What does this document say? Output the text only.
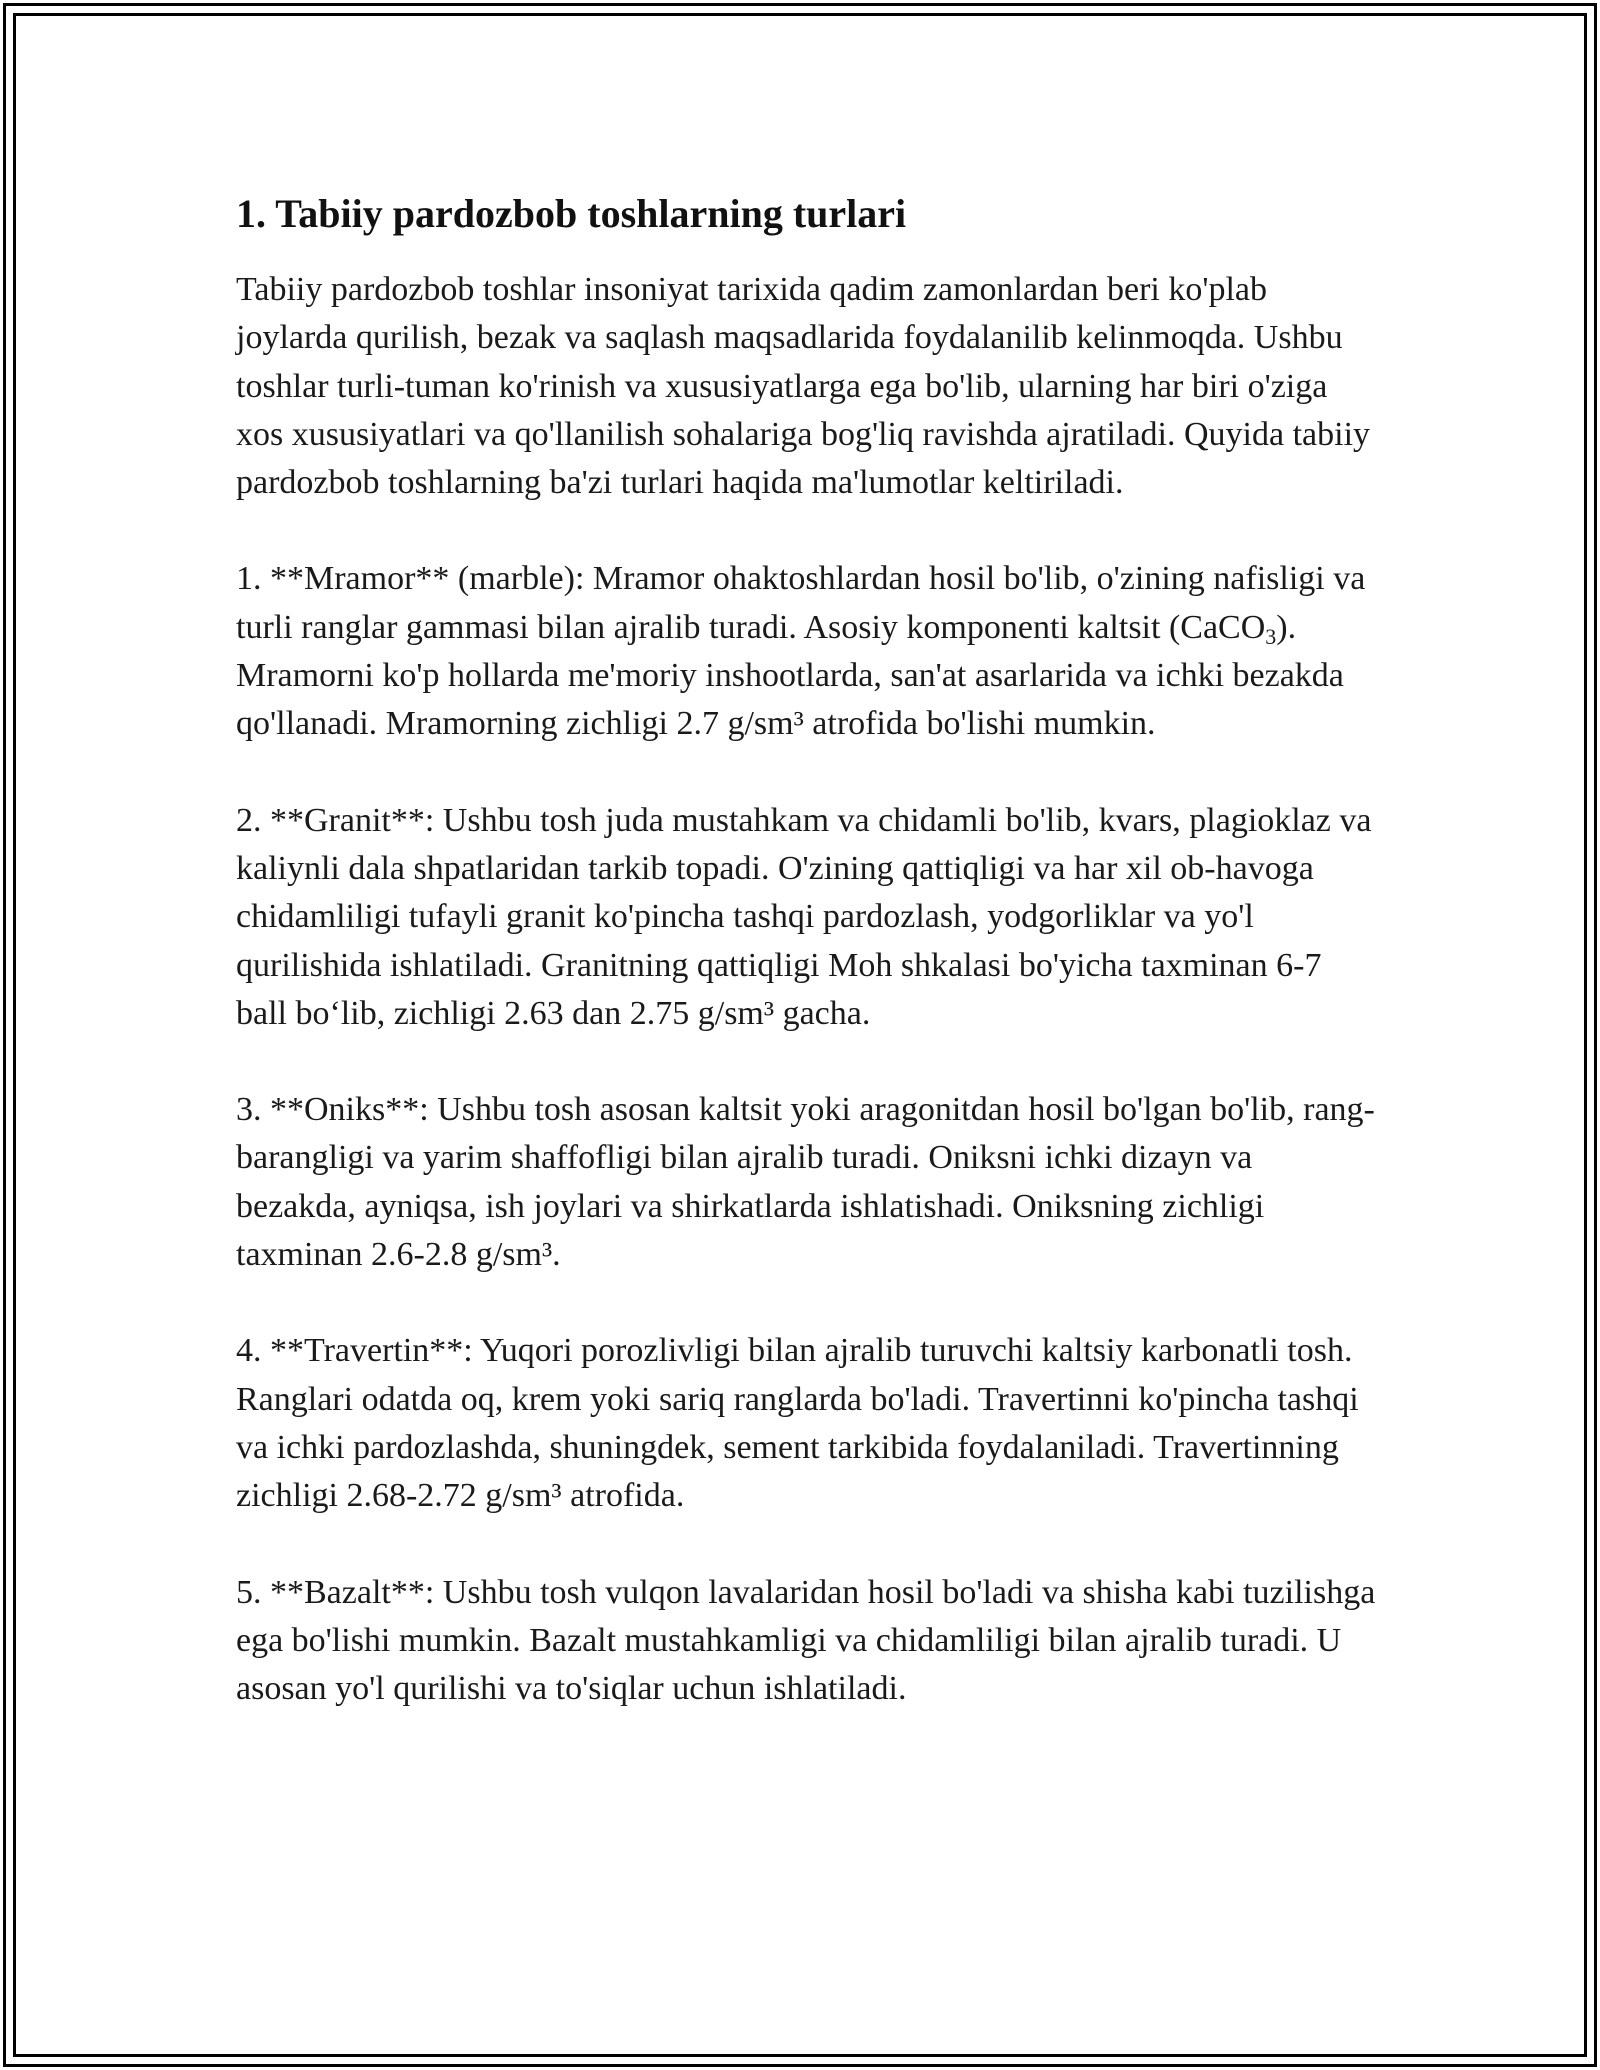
1. Tabiiy pardozbob toshlarning turlari

Tabiiy pardozbob toshlar insoniyat tarixida qadim zamonlardan beri ko'plab joylarda qurilish, bezak va saqlash maqsadlarida foydalanilib kelinmoqda. Ushbu toshlar turli-tuman ko'rinish va xususiyatlarga ega bo'lib, ularning har biri o'ziga xos xususiyatlari va qo'llanilish sohalariga bog'liq ravishda ajratiladi. Quyida tabiiy pardozbob toshlarning ba'zi turlari haqida ma'lumotlar keltiriladi.

1. **Mramor** (marble): Mramor ohaktoshlardan hosil bo'lib, o'zining nafisligi va turli ranglar gammasi bilan ajralib turadi. Asosiy komponenti kaltsit (CaCO$_3$). Mramorni ko'p hollarda me'moriy inshootlarda, san'at asarlarida va ichki bezakda qo'llanadi. Mramorning zichligi 2.7 g/sm³ atrofida bo'lishi mumkin.

2. **Granit**: Ushbu tosh juda mustahkam va chidamli bo'lib, kvars, plagioklaz va kaliynli dala shpatlaridan tarkib topadi. O'zining qattiqligi va har xil ob-havoga chidamliligi tufayli granit ko'pincha tashqi pardozlash, yodgorliklar va yo'l qurilishida ishlatiladi. Granitning qattiqligi Moh shkalasi bo'yicha taxminan 6-7 ball bo‘lib, zichligi 2.63 dan 2.75 g/sm³ gacha.

3. **Oniks**: Ushbu tosh asosan kaltsit yoki aragonitdan hosil bo'lgan bo'lib, rang-barangligi va yarim shaffofligi bilan ajralib turadi. Oniksni ichki dizayn va bezakda, ayniqsa, ish joylari va shirkatlarda ishlatishadi. Oniksning zichligi taxminan 2.6-2.8 g/sm³.

4. **Travertin**: Yuqori porozlivligi bilan ajralib turuvchi kaltsiy karbonatli tosh. Ranglari odatda oq, krem yoki sariq ranglarda bo'ladi. Travertinni ko'pincha tashqi va ichki pardozlashda, shuningdek, sement tarkibida foydalaniladi. Travertinning zichligi 2.68-2.72 g/sm³ atrofida.

5. **Bazalt**: Ushbu tosh vulqon lavalaridan hosil bo'ladi va shisha kabi tuzilishga ega bo'lishi mumkin. Bazalt mustahkamligi va chidamliligi bilan ajralib turadi. U asosan yo'l qurilishi va to'siqlar uchun ishlatiladi.
